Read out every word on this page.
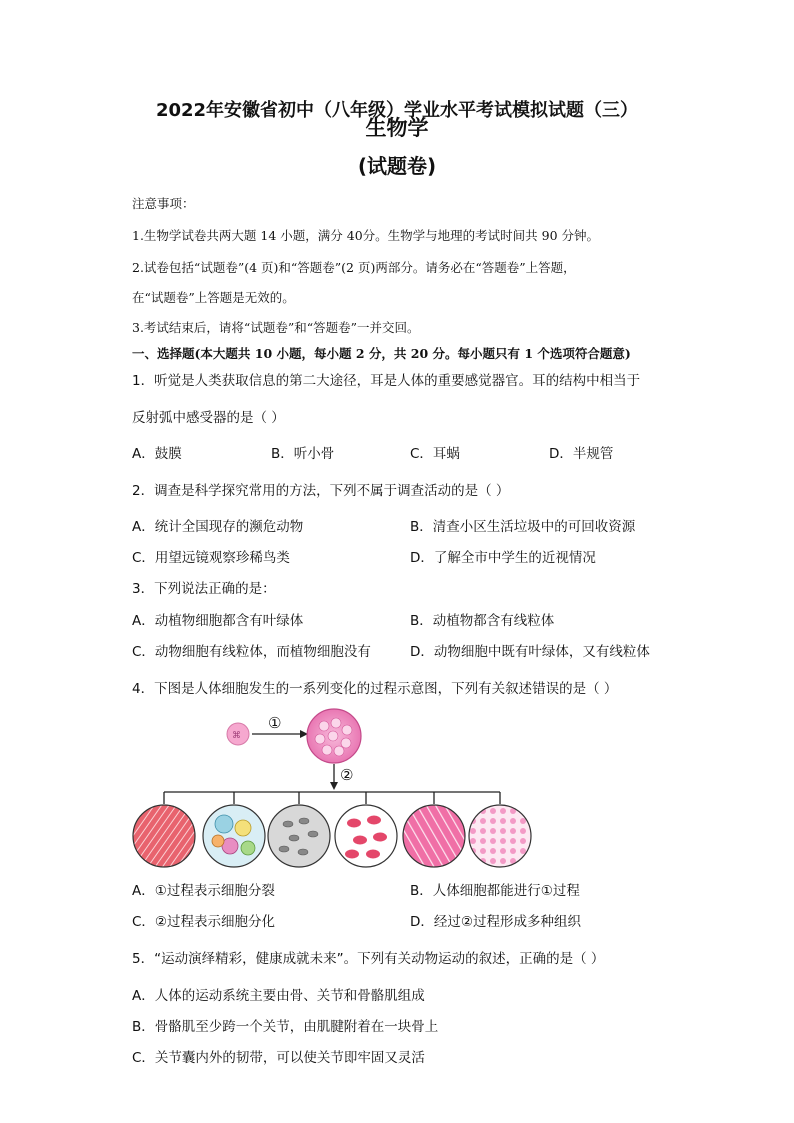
2022年安徽省初中（八年级）学业水平考试模拟试题（三）
生物学
(试题卷)
注意事项：
1.生物学试卷共两大题 14 小题，满分 40分。生物学与地理的考试时间共 90 分钟。
2.试卷包括“试题卷”(4 页)和“答题卷”(2 页)两部分。请务必在“答题卷”上答题，
在“试题卷”上答题是无效的。
3.考试结束后，请将“试题卷”和“答题卷”一并交回。
一、选择题(本大题共 10 小题，每小题 2 分，共 20 分。每小题只有 1 个选项符合题意)
1．听觉是人类获取信息的第二大途径，耳是人体的重要感觉器官。耳的结构中相当于
反射弧中感受器的是（ ）
A．鼓膜	B．听小骨	C．耳蜗	D．半规管
2．调查是科学探究常用的方法，下列不属于调查活动的是（ ）
A．统计全国现存的濒危动物	B．清查小区生活垃圾中的可回收资源
C．用望远镜观察珍稀鸟类	D．了解全市中学生的近视情况
3．下列说法正确的是：
A．动植物细胞都含有叶绿体	B．动植物都含有线粒体
C．动物细胞有线粒体，而植物细胞没有	D．动物细胞中既有叶绿体，又有线粒体
4．下图是人体细胞发生的一系列变化的过程示意图，下列有关叙述错误的是（ ）
⌘
①
②
A．①过程表示细胞分裂	B．人体细胞都能进行①过程
C．②过程表示细胞分化	D．经过②过程形成多种组织
5．“运动演绎精彩，健康成就未来”。下列有关动物运动的叙述，正确的是（ ）
A．人体的运动系统主要由骨、关节和骨骼肌组成
B．骨骼肌至少跨一个关节，由肌腱附着在一块骨上
C．关节囊内外的韧带，可以使关节即牢固又灵活
